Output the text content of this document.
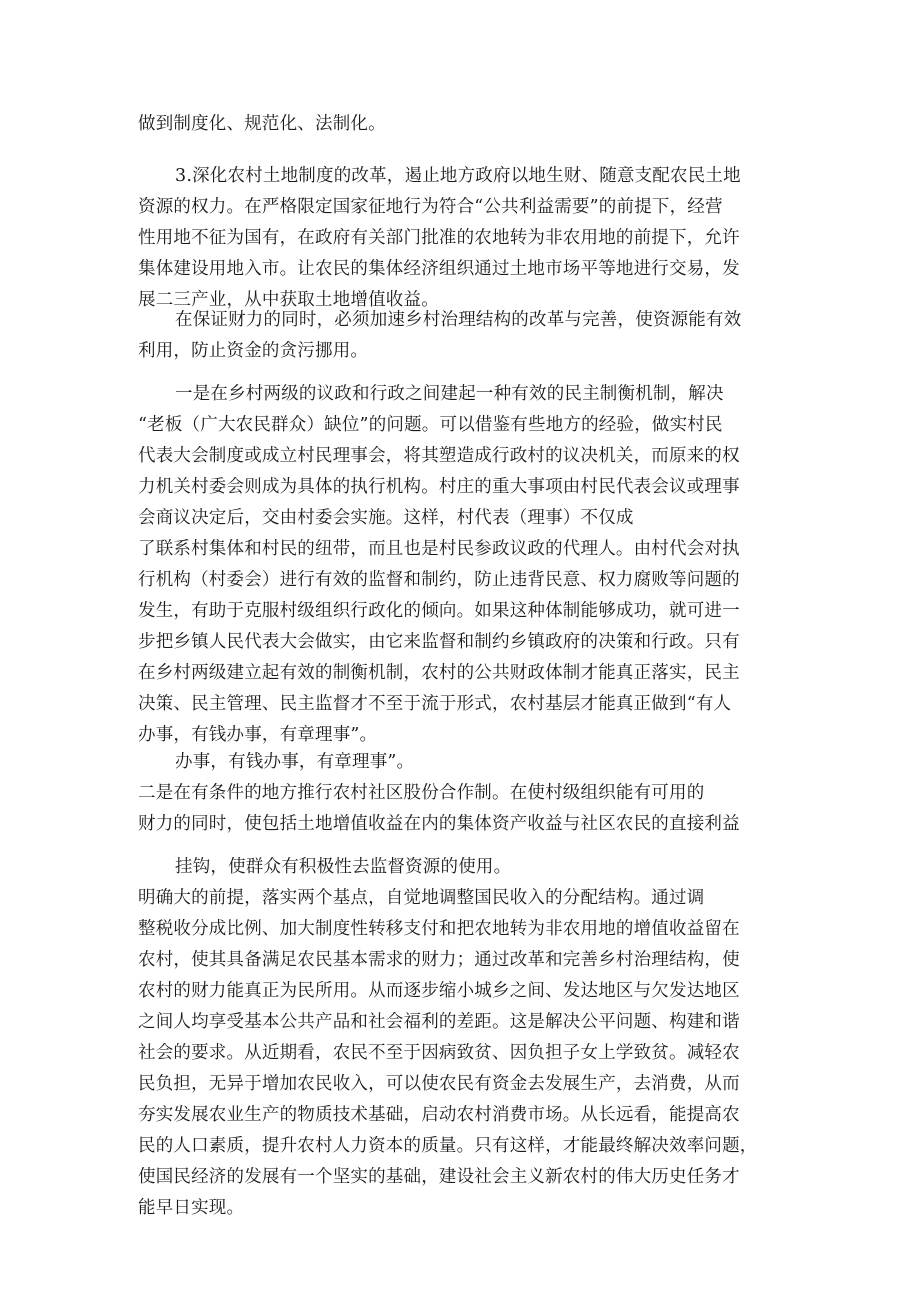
做到制度化、规范化、法制化。
3.深化农村土地制度的改革，遏止地方政府以地生财、随意支配农民土地
资源的权力。在严格限定国家征地行为符合“公共利益需要”的前提下，经营
性用地不征为国有，在政府有关部门批准的农地转为非农用地的前提下，允许
集体建设用地入市。让农民的集体经济组织通过土地市场平等地进行交易，发
展二三产业，从中获取土地增值收益。
在保证财力的同时，必须加速乡村治理结构的改革与完善，使资源能有效
利用，防止资金的贪污挪用。
一是在乡村两级的议政和行政之间建起一种有效的民主制衡机制，解决
“老板（广大农民群众）缺位”的问题。可以借鉴有些地方的经验，做实村民
代表大会制度或成立村民理事会，将其塑造成行政村的议决机关，而原来的权
力机关村委会则成为具体的执行机构。村庄的重大事项由村民代表会议或理事
会商议决定后，交由村委会实施。这样，村代表（理事）不仅成
了联系村集体和村民的纽带，而且也是村民参政议政的代理人。由村代会对执
行机构（村委会）进行有效的监督和制约，防止违背民意、权力腐败等问题的
发生，有助于克服村级组织行政化的倾向。如果这种体制能够成功，就可进一
步把乡镇人民代表大会做实，由它来监督和制约乡镇政府的决策和行政。只有
在乡村两级建立起有效的制衡机制，农村的公共财政体制才能真正落实，民主
决策、民主管理、民主监督才不至于流于形式，农村基层才能真正做到“有人
办事，有钱办事，有章理事”。
办事，有钱办事，有章理事”。
二是在有条件的地方推行农村社区股份合作制。在使村级组织能有可用的
财力的同时，使包括土地增值收益在内的集体资产收益与社区农民的直接利益
挂钩，使群众有积极性去监督资源的使用。
明确大的前提，落实两个基点，自觉地调整国民收入的分配结构。通过调
整税收分成比例、加大制度性转移支付和把农地转为非农用地的增值收益留在
农村，使其具备满足农民基本需求的财力；通过改革和完善乡村治理结构，使
农村的财力能真正为民所用。从而逐步缩小城乡之间、发达地区与欠发达地区
之间人均享受基本公共产品和社会福利的差距。这是解决公平问题、构建和谐
社会的要求。从近期看，农民不至于因病致贫、因负担子女上学致贫。减轻农
民负担，无异于增加农民收入，可以使农民有资金去发展生产，去消费，从而
夯实发展农业生产的物质技术基础，启动农村消费市场。从长远看，能提高农
民的人口素质，提升农村人力资本的质量。只有这样，才能最终解决效率问题，
使国民经济的发展有一个坚实的基础，建设社会主义新农村的伟大历史任务才
能早日实现。
